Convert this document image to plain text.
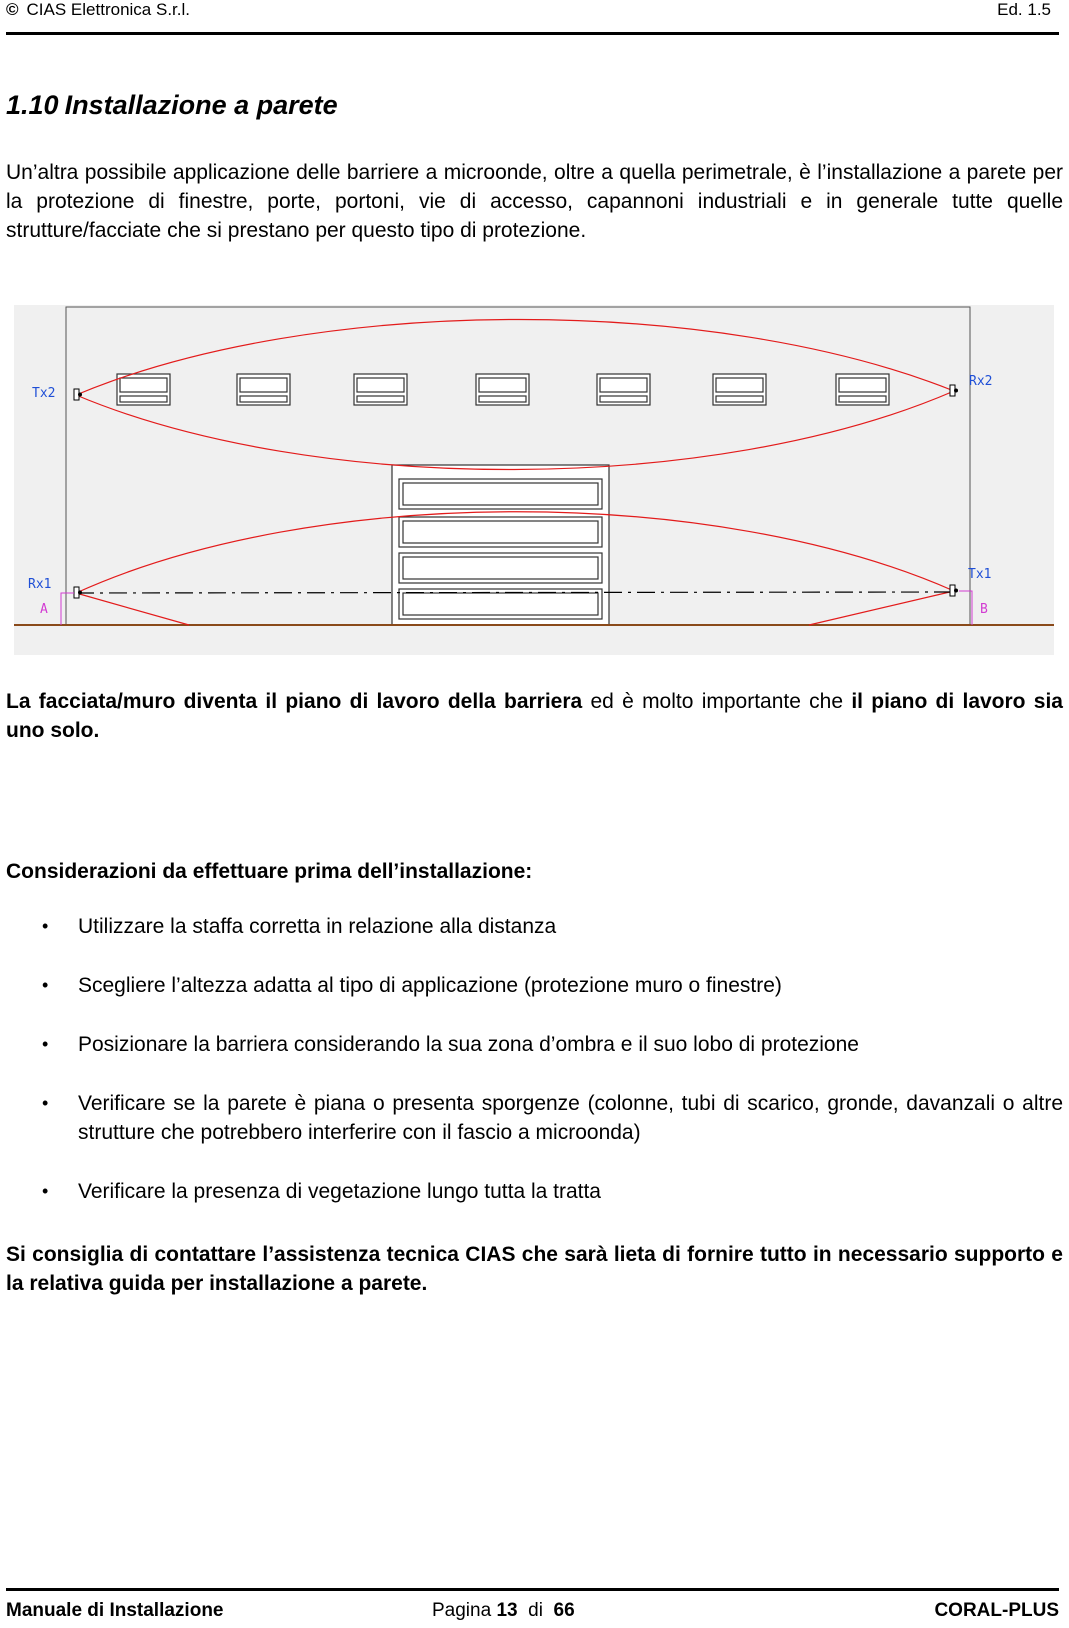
© CIAS Elettronica S.r.l.	Ed. 1.5
1.10 Installazione a parete
Un’altra possibile applicazione delle barriere a microonde, oltre a quella perimetrale, è l’installazione a parete per la protezione di finestre, porte, portoni, vie di accesso, capannoni industriali e in generale tutte quelle strutture/facciate che si prestano per questo tipo di protezione.
Tx2
Rx2
Rx1
Tx1
A	B
La facciata/muro diventa il piano di lavoro della barriera ed è molto importante che il piano di lavoro sia uno solo.
Considerazioni da effettuare prima dell’installazione:
• Utilizzare la staffa corretta in relazione alla distanza
• Scegliere l’altezza adatta al tipo di applicazione (protezione muro o finestre)
• Posizionare la barriera considerando la sua zona d’ombra e il suo lobo di protezione
• Verificare se la parete è piana o presenta sporgenze (colonne, tubi di scarico, gronde, davanzali o altre strutture che potrebbero interferire con il fascio a microonda)
• Verificare la presenza di vegetazione lungo tutta la tratta
Si consiglia di contattare l’assistenza tecnica CIAS che sarà lieta di fornire tutto in necessario supporto e la relativa guida per installazione a parete.
Manuale di Installazione	Pagina 13 di 66	CORAL-PLUS
